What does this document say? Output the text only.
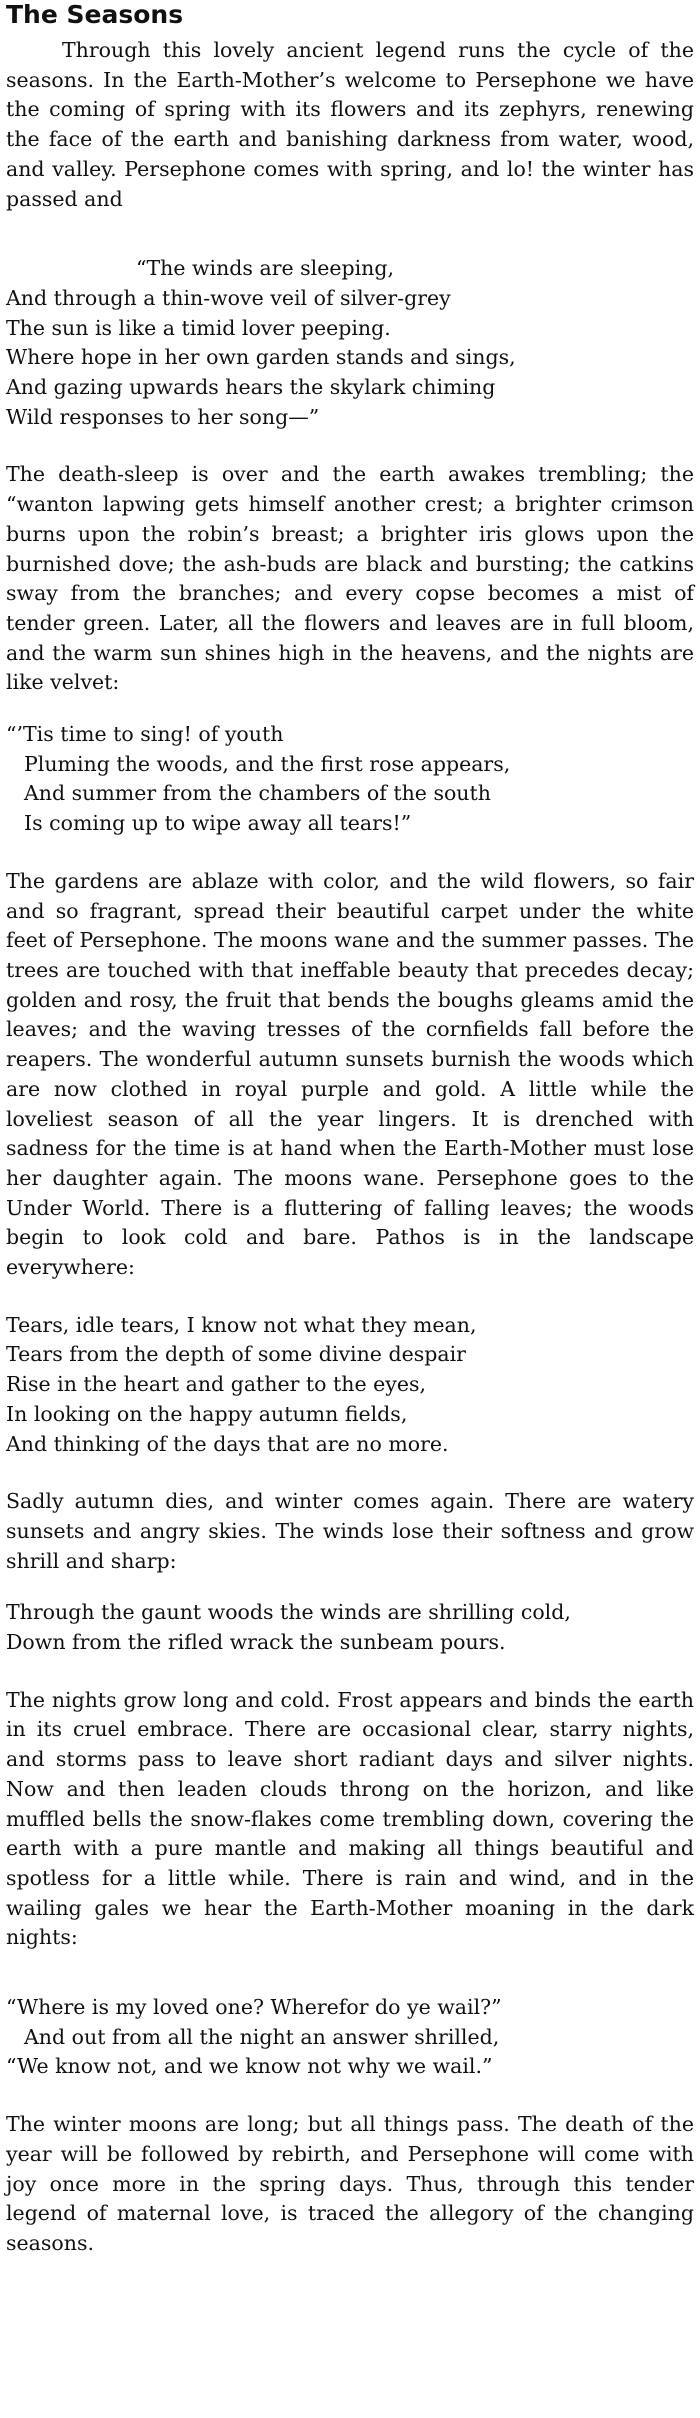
The Seasons

Through this lovely ancient legend runs the cycle of the seasons. In the Earth-Mother’s welcome to Persephone we have the coming of spring with its flowers and its zephyrs, renewing the face of the earth and banishing darkness from water, wood, and valley. Persephone comes with spring, and lo! the winter has passed and

“The winds are sleeping,
And through a thin-wove veil of silver-grey
The sun is like a timid lover peeping.
Where hope in her own garden stands and sings,
And gazing upwards hears the skylark chiming
Wild responses to her song—”

The death-sleep is over and the earth awakes trembling; the “wanton lapwing gets himself another crest; a brighter crimson burns upon the robin’s breast; a brighter iris glows upon the burnished dove; the ash-buds are black and bursting; the catkins sway from the branches; and every copse becomes a mist of tender green. Later, all the flowers and leaves are in full bloom, and the warm sun shines high in the heavens, and the nights are like velvet:

“’Tis time to sing! of youth
Pluming the woods, and the first rose appears,
And summer from the chambers of the south
Is coming up to wipe away all tears!”

The gardens are ablaze with color, and the wild flowers, so fair and so fragrant, spread their beautiful carpet under the white feet of Persephone. The moons wane and the summer passes. The trees are touched with that ineffable beauty that precedes decay; golden and rosy, the fruit that bends the boughs gleams amid the leaves; and the waving tresses of the cornfields fall before the reapers. The wonderful autumn sunsets burnish the woods which are now clothed in royal purple and gold. A little while the loveliest season of all the year lingers. It is drenched with sadness for the time is at hand when the Earth-Mother must lose her daughter again. The moons wane. Persephone goes to the Under World. There is a fluttering of falling leaves; the woods begin to look cold and bare. Pathos is in the landscape everywhere:

Tears, idle tears, I know not what they mean,
Tears from the depth of some divine despair
Rise in the heart and gather to the eyes,
In looking on the happy autumn fields,
And thinking of the days that are no more.

Sadly autumn dies, and winter comes again. There are watery sunsets and angry skies. The winds lose their softness and grow shrill and sharp:

Through the gaunt woods the winds are shrilling cold,
Down from the rifled wrack the sunbeam pours.

The nights grow long and cold. Frost appears and binds the earth in its cruel embrace. There are occasional clear, starry nights, and storms pass to leave short radiant days and silver nights. Now and then leaden clouds throng on the horizon, and like muffled bells the snow-flakes come trembling down, covering the earth with a pure mantle and making all things beautiful and spotless for a little while. There is rain and wind, and in the wailing gales we hear the Earth-Mother moaning in the dark nights:

“Where is my loved one? Wherefor do ye wail?”
And out from all the night an answer shrilled,
“We know not, and we know not why we wail.”

The winter moons are long; but all things pass. The death of the year will be followed by rebirth, and Persephone will come with joy once more in the spring days. Thus, through this tender legend of maternal love, is traced the allegory of the changing seasons.
